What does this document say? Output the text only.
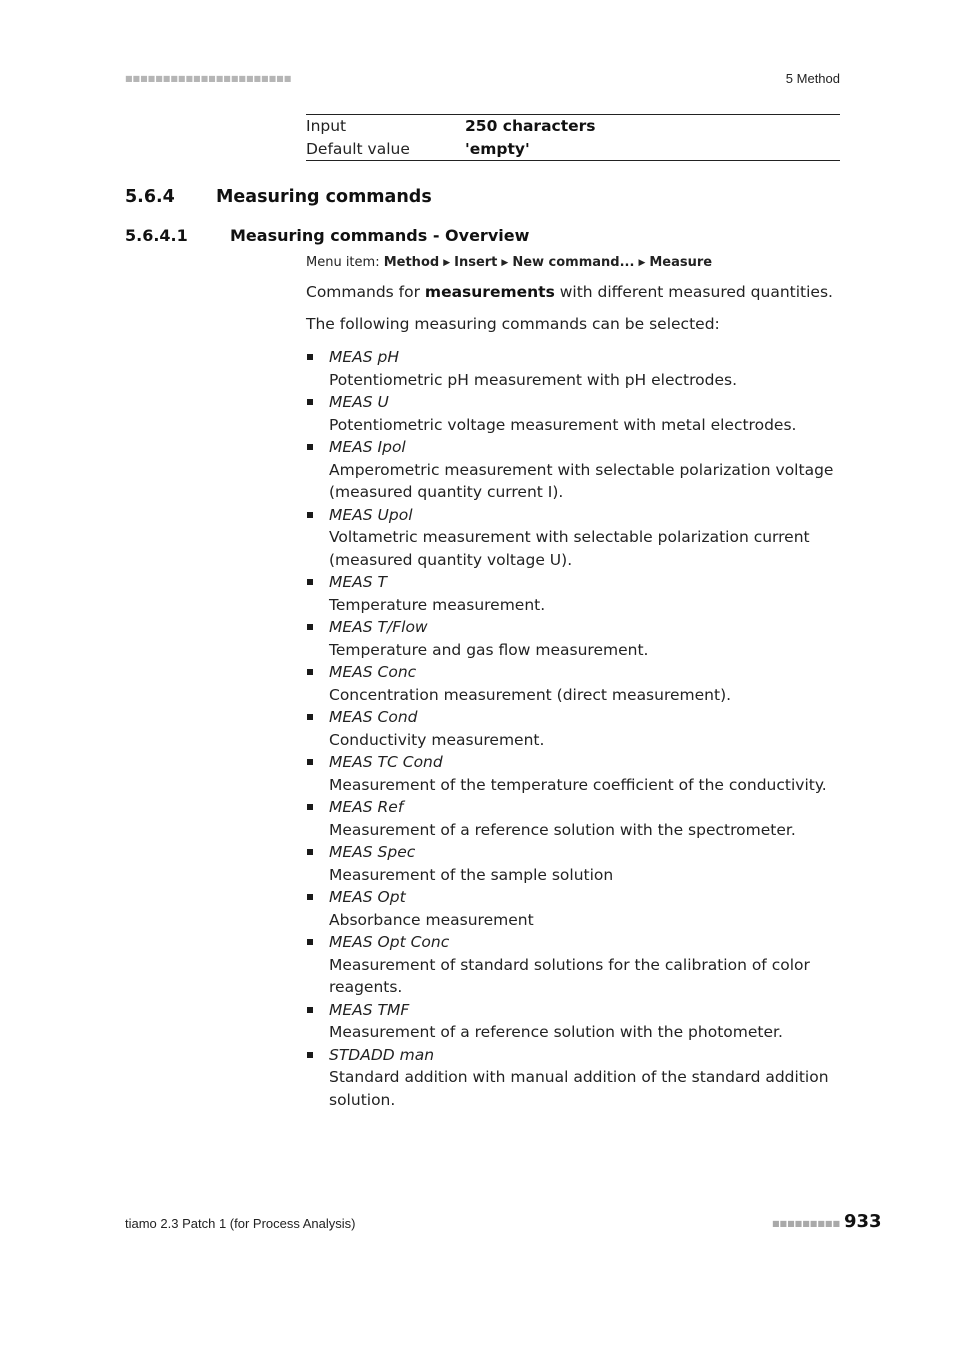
■■■■■■■■■■■■■■■■■■■■■■	5 Method
Input	250 characters
Default value	'empty'
5.6.4 Measuring commands
5.6.4.1	Measuring commands - Overview
Menu item: Method ▶ Insert ▶ New command... ▶ Measure
Commands for measurements with different measured quantities.
The following measuring commands can be selected:
MEAS pH
Potentiometric pH measurement with pH electrodes.
MEAS U
Potentiometric voltage measurement with metal electrodes.
MEAS Ipol
Amperometric measurement with selectable polarization voltage (measured quantity current I).
MEAS Upol
Voltametric measurement with selectable polarization current (measured quantity voltage U).
MEAS T
Temperature measurement.
MEAS T/Flow
Temperature and gas flow measurement.
MEAS Conc
Concentration measurement (direct measurement).
MEAS Cond
Conductivity measurement.
MEAS TC Cond
Measurement of the temperature coefficient of the conductivity.
MEAS Ref
Measurement of a reference solution with the spectrometer.
MEAS Spec
Measurement of the sample solution
MEAS Opt
Absorbance measurement
MEAS Opt Conc
Measurement of standard solutions for the calibration of color reagents.
MEAS TMF
Measurement of a reference solution with the photometer.
STDADD man
Standard addition with manual addition of the standard addition solution.
tiamo 2.3 Patch 1 (for Process Analysis)	■■■■■■■■■ 933
